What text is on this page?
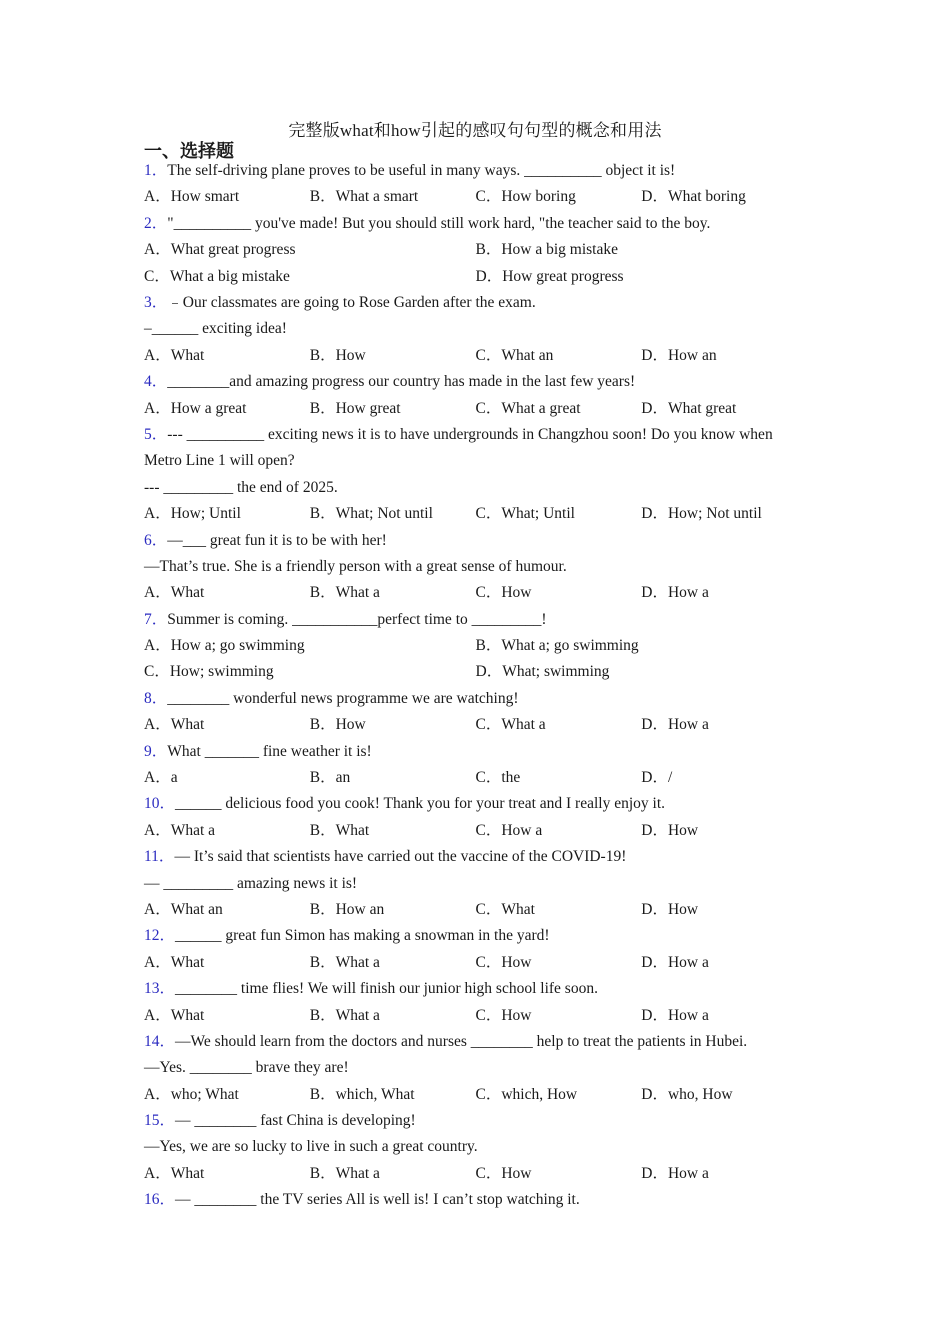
完整版what和how引起的感叹句句型的概念和用法
一、选择题
1．The self-driving plane proves to be useful in many ways. __________ object it is!
A．How smart	B．What a smart	C．How boring	D．What boring
2．"__________ you've made! But you should still work hard, "the teacher said to the boy.
A．What great progress	B．How a big mistake
C．What a big mistake	D．How great progress
3．﹣Our classmates are going to Rose Garden after the exam.
–______ exciting idea!
A．What	B．How	C．What an	D．How an
4．________and amazing progress our country has made in the last few years!
A．How a great	B．How great	C．What a great	D．What great
5．--- __________ exciting news it is to have undergrounds in Changzhou soon! Do you know when Metro Line 1 will open?
--- _________ the end of 2025.
A．How; Until	B．What; Not until	C．What; Until	D．How; Not until
6．—___ great fun it is to be with her!
—That’s true. She is a friendly person with a great sense of humour.
A．What	B．What a	C．How	D．How a
7．Summer is coming. ___________perfect time to _________!
A．How a; go swimming	B．What a; go swimming
C．How; swimming	D．What; swimming
8．________ wonderful news programme we are watching!
A．What	B．How	C．What a	D．How a
9．What _______ fine weather it is!
A．a	B．an	C．the	D．/
10．______ delicious food you cook! Thank you for your treat and I really enjoy it.
A．What a	B．What	C．How a	D．How
11．— It’s said that scientists have carried out the vaccine of the COVID-19!
— _________ amazing news it is!
A．What an	B．How an	C．What	D．How
12．______ great fun Simon has making a snowman in the yard!
A．What	B．What a	C．How	D．How a
13．________ time flies! We will finish our junior high school life soon.
A．What	B．What a	C．How	D．How a
14．—We should learn from the doctors and nurses ________ help to treat the patients in Hubei.
—Yes. ________ brave they are!
A．who; What	B．which, What	C．which, How	D．who, How
15．— ________ fast China is developing!
—Yes, we are so lucky to live in such a great country.
A．What	B．What a	C．How	D．How a
16．— ________ the TV series All is well is! I can’t stop watching it.
